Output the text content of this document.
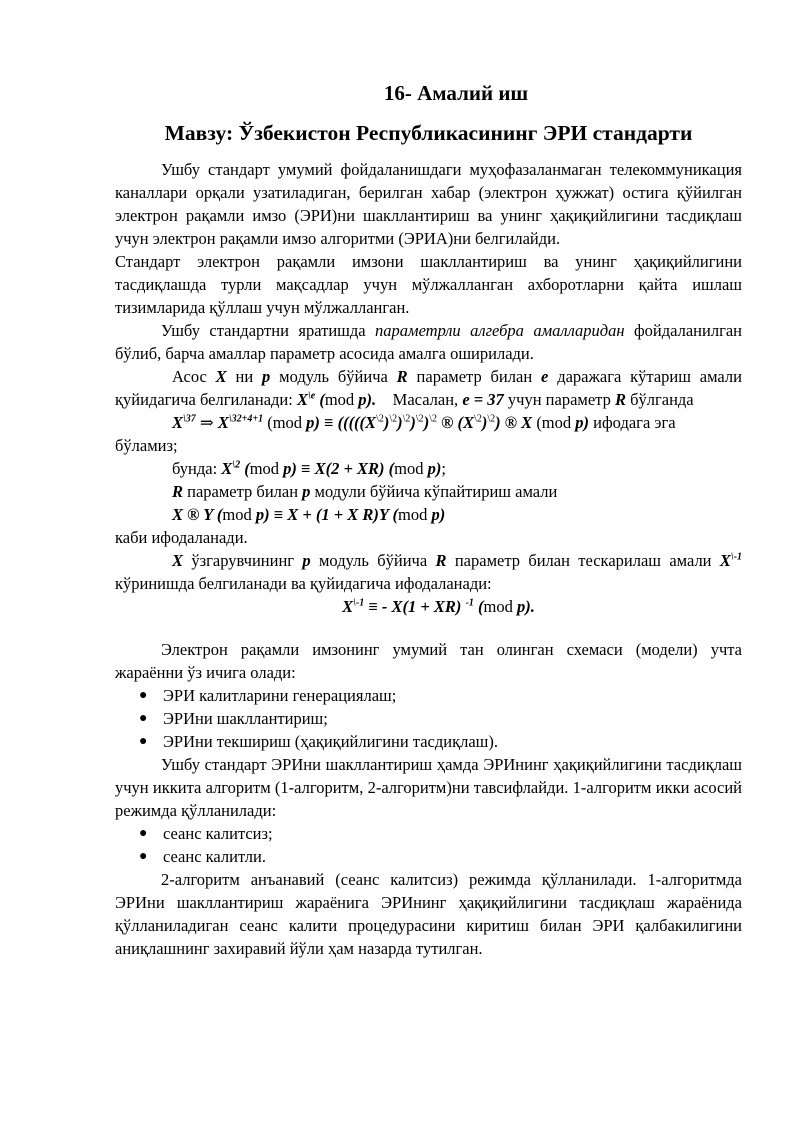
16- Амалий иш
Мавзу: Ўзбекистон Республикасининг ЭРИ стандарти

Ушбу стандарт умумий фойдаланишдаги муҳофазаланмаган телекоммуникация каналлари орқали узатиладиган, берилган хабар (электрон ҳужжат) остига қўйилган электрон рақамли имзо (ЭРИ)ни шакллантириш ва унинг ҳақиқийлигини тасдиқлаш учун электрон рақамли имзо алгоритми (ЭРИА)ни белгилайди.

Стандарт электрон рақамли имзони шакллантириш ва унинг ҳақиқийлигини тасдиқлашда турли мақсадлар учун мўлжалланган ахборотларни қайта ишлаш тизимларида қўллаш учун мўлжалланган.

Ушбу стандартни яратишда параметрли алгебра амалларидан фойдаланилган бўлиб, барча амаллар параметр асосида амалга оширилади.

Асос X ни p модуль бўйича R параметр билан e даражага кўтариш амали қуйидагича белгиланади: $X^{\backslash e}$ (mod p).    Масалан, e = 37 учун параметр R бўлганда

$X^{\backslash 37}$ ⇒ $X^{\backslash 32+4+1}$ (mod $p) \equiv (((((X^{\backslash 2})^{\backslash 2})^{\backslash 2})^{\backslash 2})^{\backslash 2}$ ® $(X^{\backslash 2})^{\backslash 2}$) ® X (mod p) ифодага эга

бўламиз;

бунда: $X^{\backslash 2}$ (mod p) ≡ X(2 + XR) (mod p);

R параметр билан p модули бўйича кўпайтириш амали

X ® Y (mod p) ≡ X + (1 + X R)Y (mod p)

каби ифодаланади.

X ўзгарувчининг p модуль бўйича R параметр билан тескарилаш амали $X^{\backslash-1}$ кўринишда белгиланади ва қуйидагича ифодаланади:

$X^{\backslash-1}$ ≡ - X(1 + XR) $^{-1}$ (mod p).

Электрон рақамли имзонинг умумий тан олинган схемаси (модели) учта жараённи ўз ичига олади:

● ЭРИ калитларини генерациялаш;
● ЭРИни шакллантириш;
● ЭРИни текшириш (ҳақиқийлигини тасдиқлаш).

Ушбу стандарт ЭРИни шакллантириш ҳамда ЭРИнинг ҳақиқийлигини тасдиқлаш учун иккита алгоритм (1-алгоритм, 2-алгоритм)ни тавсифлайди. 1-алгоритм икки асосий режимда қўлланилади:

● сеанс калитсиз;
● сеанс калитли.

2-алгоритм анъанавий (сеанс калитсиз) режимда қўлланилади. 1-алгоритмда ЭРИни шакллантириш жараёнига ЭРИнинг ҳақиқийлигини тасдиқлаш жараёнида қўлланиладиган сеанс калити процедурасини киритиш билан ЭРИ қалбакилигини аниқлашнинг захиравий йўли ҳам назарда тутилган.
